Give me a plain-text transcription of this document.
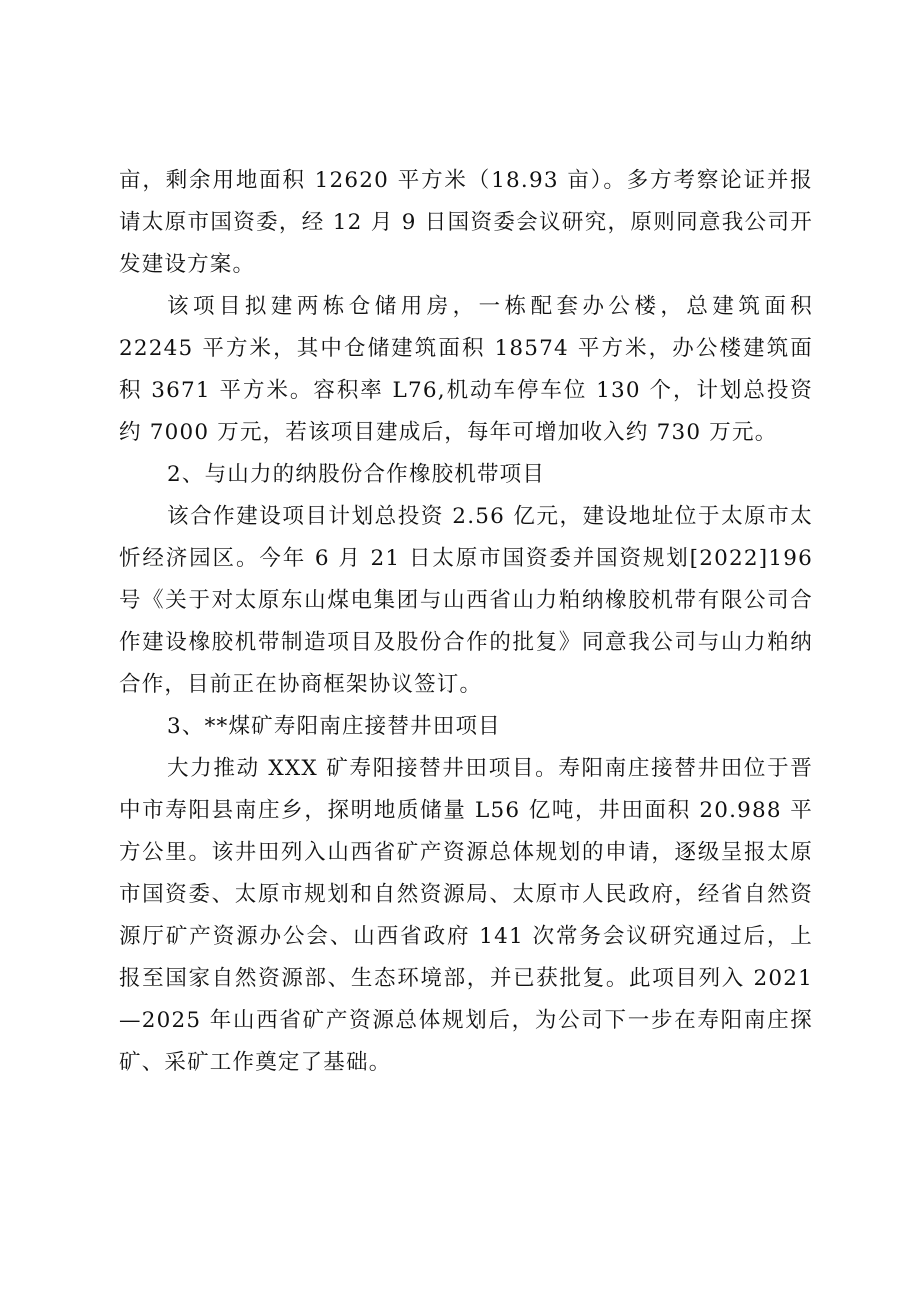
亩，剩余用地面积 12620 平方米（18.93 亩）。多方考察论证并报请太原市国资委，经 12 月 9 日国资委会议研究，原则同意我公司开发建设方案。

该项目拟建两栋仓储用房，一栋配套办公楼，总建筑面积 22245 平方米，其中仓储建筑面积 18574 平方米，办公楼建筑面积 3671 平方米。容积率 L76,机动车停车位 130 个，计划总投资约 7000 万元，若该项目建成后，每年可增加收入约 730 万元。

2、与山力的纳股份合作橡胶机带项目

该合作建设项目计划总投资 2.56 亿元，建设地址位于太原市太忻经济园区。今年 6 月 21 日太原市国资委并国资规划[2022]196 号《关于对太原东山煤电集团与山西省山力粕纳橡胶机带有限公司合作建设橡胶机带制造项目及股份合作的批复》同意我公司与山力粕纳合作，目前正在协商框架协议签订。

3、**煤矿寿阳南庄接替井田项目

大力推动 XXX 矿寿阳接替井田项目。寿阳南庄接替井田位于晋中市寿阳县南庄乡，探明地质储量 L56 亿吨，井田面积 20.988 平方公里。该井田列入山西省矿产资源总体规划的申请，逐级呈报太原市国资委、太原市规划和自然资源局、太原市人民政府，经省自然资源厅矿产资源办公会、山西省政府 141 次常务会议研究通过后，上报至国家自然资源部、生态环境部，并已获批复。此项目列入 2021—2025 年山西省矿产资源总体规划后，为公司下一步在寿阳南庄探矿、采矿工作奠定了基础。
